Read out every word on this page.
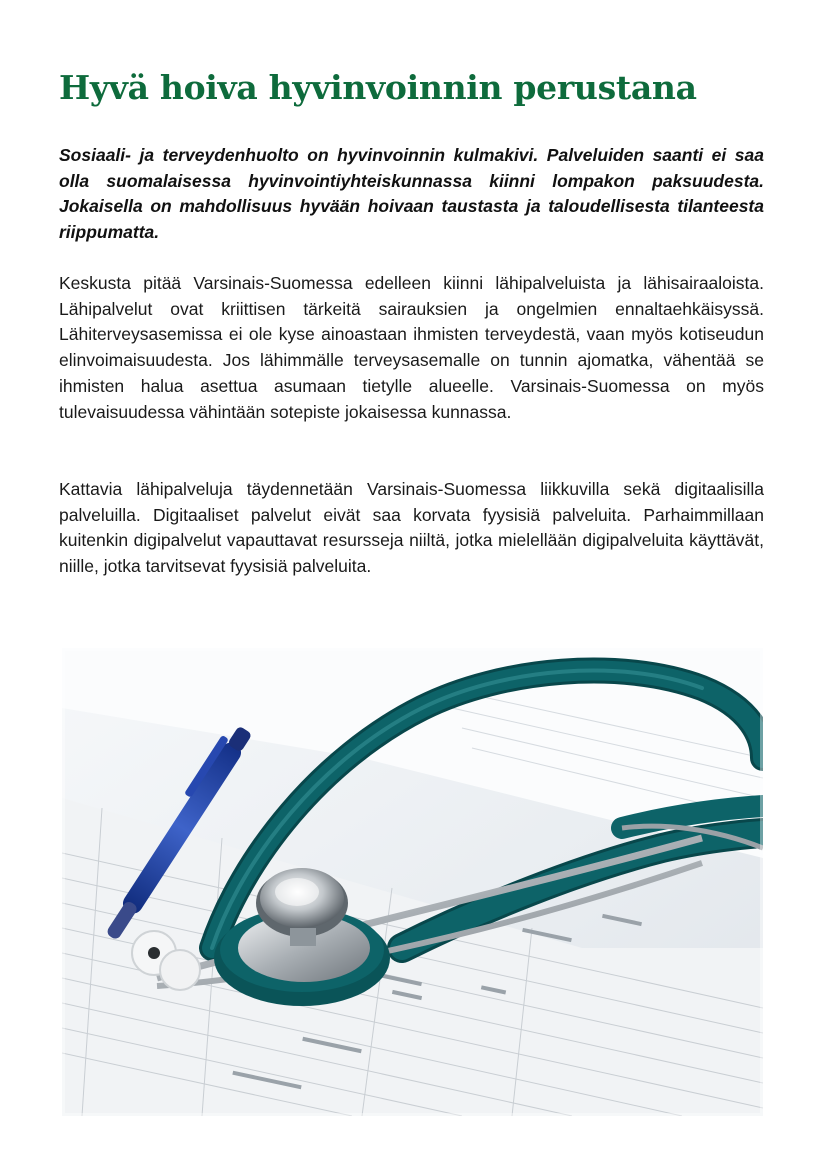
Hyvä hoiva hyvinvoinnin perustana

Sosiaali- ja terveydenhuolto on hyvinvoinnin kulmakivi. Palveluiden saanti ei saa olla suomalaisessa hyvinvointiyhteiskunnassa kiinni lompakon paksuudesta. Jokaisella on mahdollisuus hyvään hoivaan taustasta ja taloudellisesta tilanteesta riippumatta.

Keskusta pitää Varsinais-Suomessa edelleen kiinni lähipalveluista ja lähisairaaloista. Lähipalvelut ovat kriittisen tärkeitä sairauksien ja ongelmien ennaltaehkäisyssä. Lähiterveysasemissa ei ole kyse ainoastaan ihmisten terveydestä, vaan myös kotiseudun elinvoimaisuudesta. Jos lähimmälle terveysasemalle on tunnin ajomatka, vähentää se ihmisten halua asettua asumaan tietylle alueelle. Varsinais-Suomessa on myös tulevaisuudessa vähintään sotepiste jokaisessa kunnassa.

Kattavia lähipalveluja täydennetään Varsinais-Suomessa liikkuvilla sekä digitaalisilla palveluilla. Digitaaliset palvelut eivät saa korvata fyysisiä palveluita. Parhaimmillaan kuitenkin digipalvelut vapauttavat resursseja niiltä, jotka mielellään digipalveluita käyttävät, niille, jotka tarvitsevat fyysisiä palveluita.
